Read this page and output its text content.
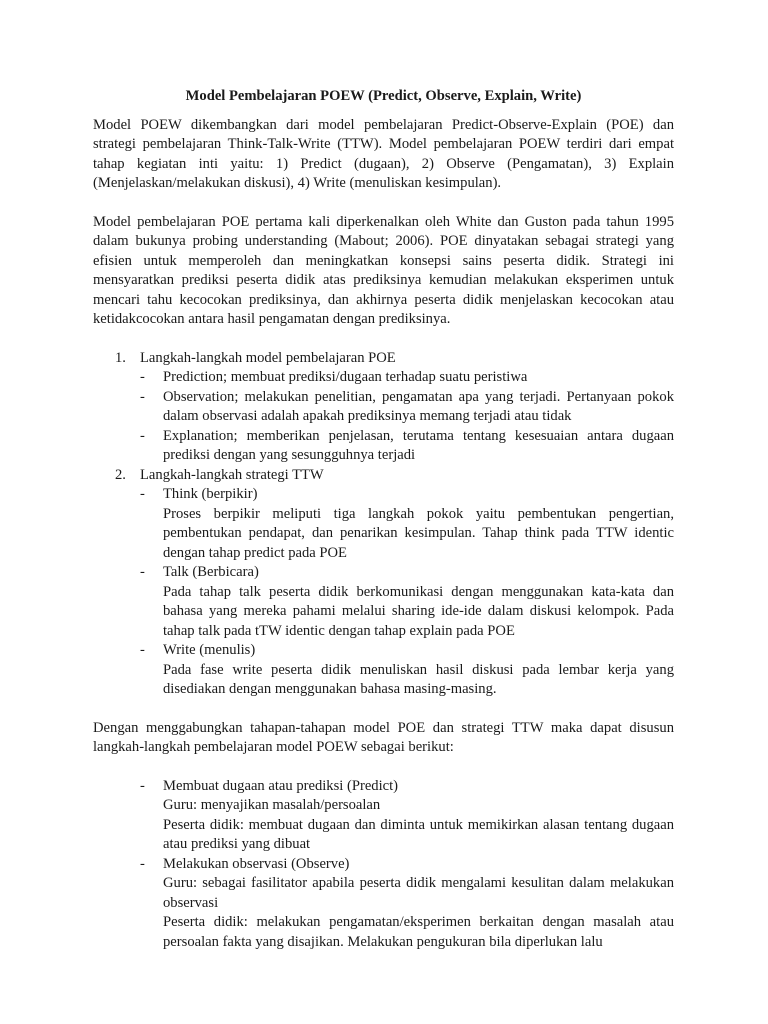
Model Pembelajaran POEW (Predict, Observe, Explain, Write)

Model POEW dikembangkan dari model pembelajaran Predict-Observe-Explain (POE) dan strategi pembelajaran Think-Talk-Write (TTW). Model pembelajaran POEW terdiri dari empat tahap kegiatan inti yaitu: 1) Predict (dugaan), 2) Observe (Pengamatan), 3) Explain (Menjelaskan/melakukan diskusi), 4) Write (menuliskan kesimpulan).

Model pembelajaran POE pertama kali diperkenalkan oleh White dan Guston pada tahun 1995 dalam bukunya probing understanding (Mabout; 2006). POE dinyatakan sebagai strategi yang efisien untuk memperoleh dan meningkatkan konsepsi sains peserta didik. Strategi ini mensyaratkan prediksi peserta didik atas prediksinya kemudian melakukan eksperimen untuk mencari tahu kecocokan prediksinya, dan akhirnya peserta didik menjelaskan kecocokan atau ketidakcocokan antara hasil pengamatan dengan prediksinya.

1. Langkah-langkah model pembelajaran POE
- Prediction; membuat prediksi/dugaan terhadap suatu peristiwa
- Observation; melakukan penelitian, pengamatan apa yang terjadi. Pertanyaan pokok dalam observasi adalah apakah prediksinya memang terjadi atau tidak
- Explanation; memberikan penjelasan, terutama tentang kesesuaian antara dugaan prediksi dengan yang sesungguhnya terjadi
2. Langkah-langkah strategi TTW
- Think (berpikir)
Proses berpikir meliputi tiga langkah pokok yaitu pembentukan pengertian, pembentukan pendapat, dan penarikan kesimpulan. Tahap think pada TTW identic dengan tahap predict pada POE
- Talk (Berbicara)
Pada tahap talk peserta didik berkomunikasi dengan menggunakan kata-kata dan bahasa yang mereka pahami melalui sharing ide-ide dalam diskusi kelompok. Pada tahap talk pada tTW identic dengan tahap explain pada POE
- Write (menulis)
Pada fase write peserta didik menuliskan hasil diskusi pada lembar kerja yang disediakan dengan menggunakan bahasa masing-masing.

Dengan menggabungkan tahapan-tahapan model POE dan strategi TTW maka dapat disusun langkah-langkah pembelajaran model POEW sebagai berikut:

- Membuat dugaan atau prediksi (Predict)
Guru: menyajikan masalah/persoalan
Peserta didik: membuat dugaan dan diminta untuk memikirkan alasan tentang dugaan atau prediksi yang dibuat
- Melakukan observasi (Observe)
Guru: sebagai fasilitator apabila peserta didik mengalami kesulitan dalam melakukan observasi
Peserta didik: melakukan pengamatan/eksperimen berkaitan dengan masalah atau persoalan fakta yang disajikan. Melakukan pengukuran bila diperlukan lalu
